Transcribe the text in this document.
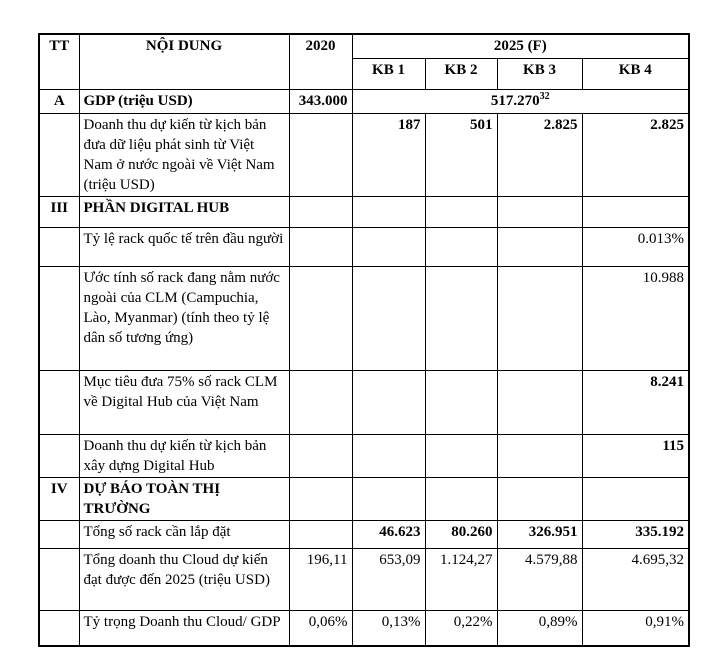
TT	NỘI DUNG	2020	2025 (F)			
			KB 1	KB 2	KB 3	KB 4
A	GDP (triệu USD)	343.000	517.270$^{32}$
	Doanh thu dự kiến từ kịch bản đưa dữ liệu phát sinh từ Việt Nam ở nước ngoài về Việt Nam (triệu USD)		187	501	2.825	2.825
III	PHẦN DIGITAL HUB					
	Tỷ lệ rack quốc tế trên đầu người					0.013%
	Ước tính số rack đang nằm nước ngoài của CLM (Campuchia, Lào, Myanmar) (tính theo tỷ lệ dân số tương ứng)					10.988
	Mục tiêu đưa 75% số rack CLM về Digital Hub của Việt Nam					8.241
	Doanh thu dự kiến từ kịch bản xây dựng Digital Hub					115
IV	DỰ BÁO TOÀN THỊ TRƯỜNG					
	Tổng số rack cần lắp đặt		46.623	80.260	326.951	335.192
	Tổng doanh thu Cloud dự kiến đạt được đến 2025 (triệu USD)	196,11	653,09	1.124,27	4.579,88	4.695,32
	Tỷ trọng Doanh thu Cloud/ GDP	0,06%	0,13%	0,22%	0,89%	0,91%
